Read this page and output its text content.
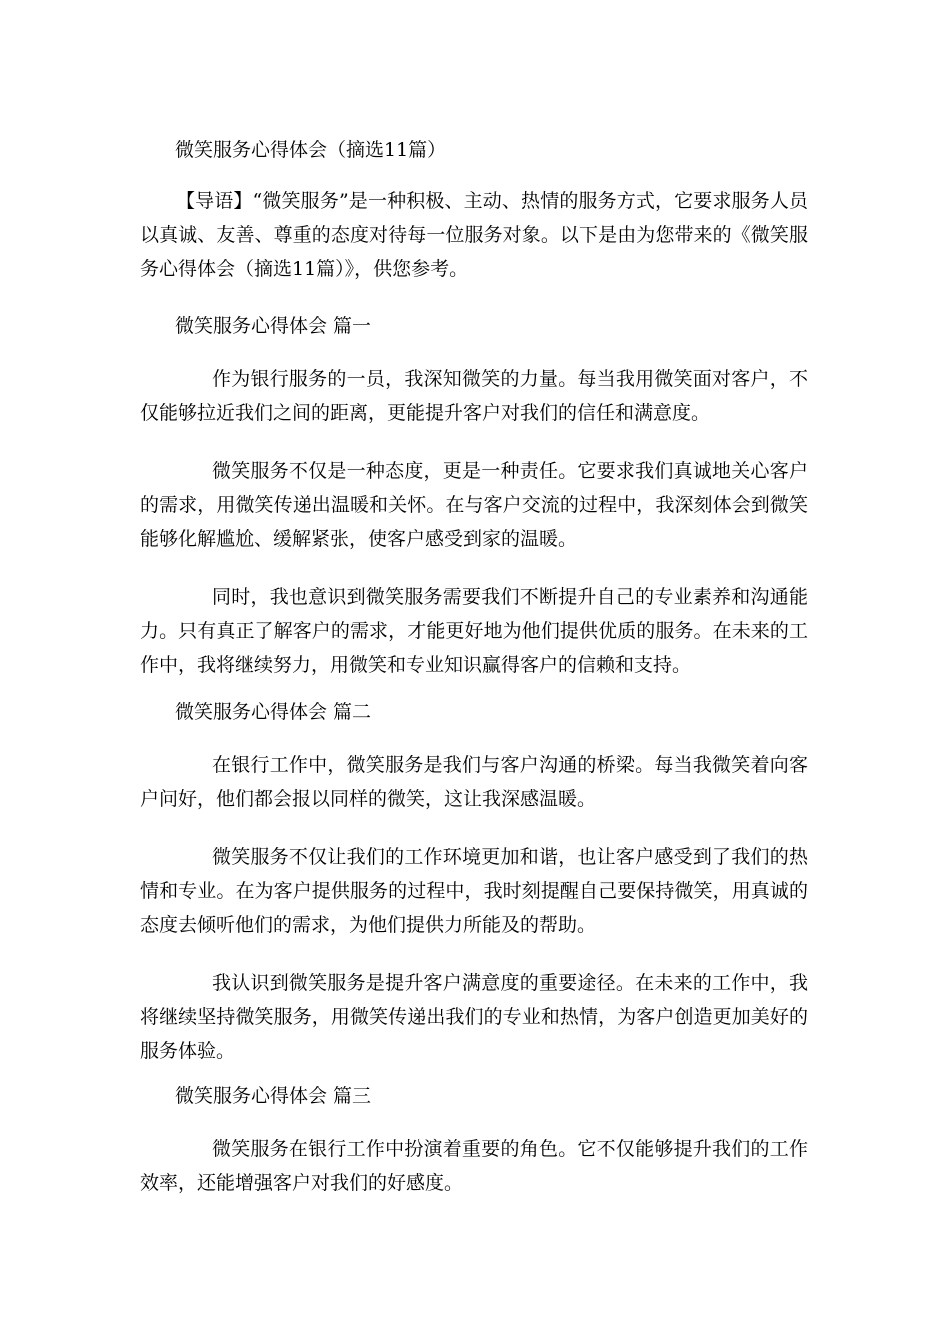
微笑服务心得体会（摘选11篇）

【导语】“微笑服务”是一种积极、主动、热情的服务方式，它要求服务人员以真诚、友善、尊重的态度对待每一位服务对象。以下是由为您带来的《微笑服务心得体会（摘选11篇）》，供您参考。

微笑服务心得体会 篇一

作为银行服务的一员，我深知微笑的力量。每当我用微笑面对客户，不仅能够拉近我们之间的距离，更能提升客户对我们的信任和满意度。

微笑服务不仅是一种态度，更是一种责任。它要求我们真诚地关心客户的需求，用微笑传递出温暖和关怀。在与客户交流的过程中，我深刻体会到微笑能够化解尴尬、缓解紧张，使客户感受到家的温暖。

同时，我也意识到微笑服务需要我们不断提升自己的专业素养和沟通能力。只有真正了解客户的需求，才能更好地为他们提供优质的服务。在未来的工作中，我将继续努力，用微笑和专业知识赢得客户的信赖和支持。

微笑服务心得体会 篇二

在银行工作中，微笑服务是我们与客户沟通的桥梁。每当我微笑着向客户问好，他们都会报以同样的微笑，这让我深感温暖。

微笑服务不仅让我们的工作环境更加和谐，也让客户感受到了我们的热情和专业。在为客户提供服务的过程中，我时刻提醒自己要保持微笑，用真诚的态度去倾听他们的需求，为他们提供力所能及的帮助。

我认识到微笑服务是提升客户满意度的重要途径。在未来的工作中，我将继续坚持微笑服务，用微笑传递出我们的专业和热情，为客户创造更加美好的服务体验。

微笑服务心得体会 篇三

微笑服务在银行工作中扮演着重要的角色。它不仅能够提升我们的工作效率，还能增强客户对我们的好感度。
